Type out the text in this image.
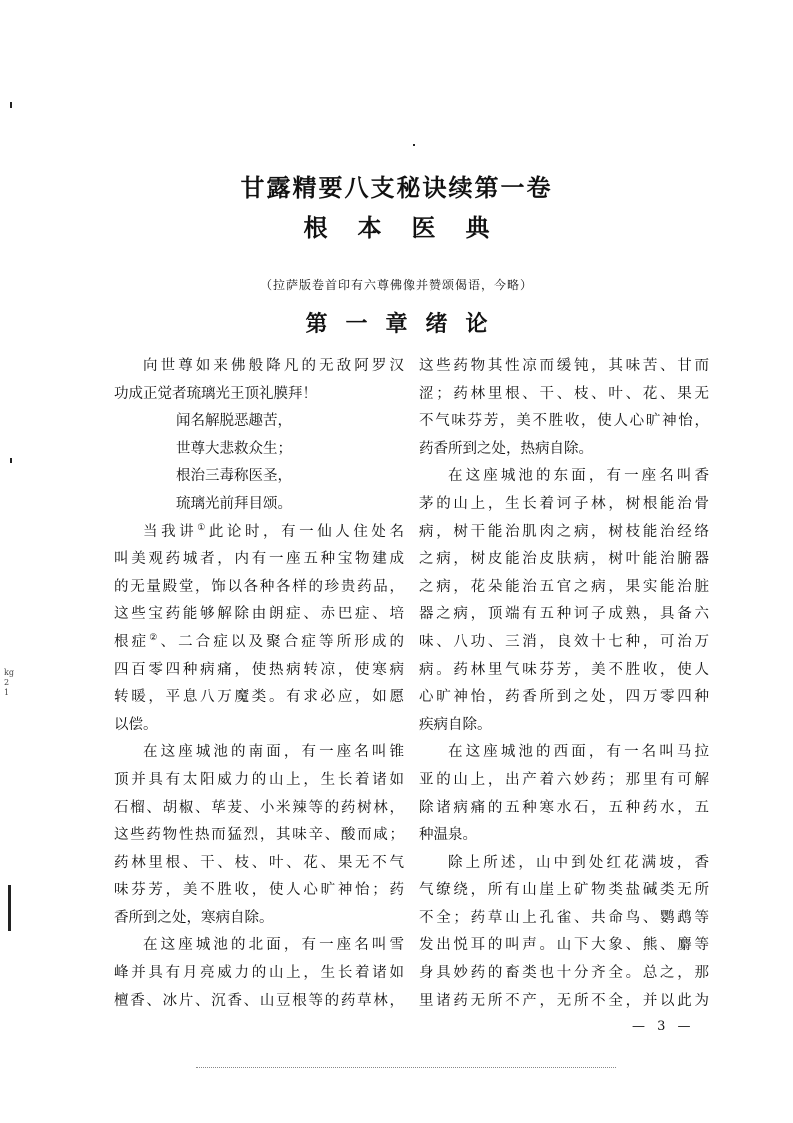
kg21
甘露精要八支秘诀续第一卷
根本医典
（拉萨版卷首印有六尊佛像并赞颂偈语，今略）
第一章绪论
向世尊如来佛般降凡的无敌阿罗汉
功成正觉者琉璃光王顶礼膜拜！
闻名解脱恶趣苦，
世尊大悲救众生；
根治三毒称医圣，
琉璃光前拜目颂。
当我讲①此论时，有一仙人住处名
叫美观药城者，内有一座五种宝物建成
的无量殿堂，饰以各种各样的珍贵药品，
这些宝药能够解除由朗症、赤巴症、培
根症②、二合症以及聚合症等所形成的
四百零四种病痛，使热病转凉，使寒病
转暖，平息八万魔类。有求必应，如愿
以偿。
在这座城池的南面，有一座名叫锥
顶并具有太阳威力的山上，生长着诸如
石榴、胡椒、荜茇、小米辣等的药树林，
这些药物性热而猛烈，其味辛、酸而咸；
药林里根、干、枝、叶、花、果无不气
味芬芳，美不胜收，使人心旷神怡；药
香所到之处，寒病自除。
在这座城池的北面，有一座名叫雪
峰并具有月亮威力的山上，生长着诸如
檀香、冰片、沉香、山豆根等的药草林，
这些药物其性凉而缓钝，其味苦、甘而
涩；药林里根、干、枝、叶、花、果无
不气味芬芳，美不胜收，使人心旷神怡，
药香所到之处，热病自除。
在这座城池的东面，有一座名叫香
茅的山上，生长着诃子林，树根能治骨
病，树干能治肌肉之病，树枝能治经络
之病，树皮能治皮肤病，树叶能治腑器
之病，花朵能治五官之病，果实能治脏
器之病，顶端有五种诃子成熟，具备六
味、八功、三消，良效十七种，可治万
病。药林里气味芬芳，美不胜收，使人
心旷神怡，药香所到之处，四万零四种
疾病自除。
在这座城池的西面，有一名叫马拉
亚的山上，出产着六妙药；那里有可解
除诸病痛的五种寒水石，五种药水，五
种温泉。
除上所述，山中到处红花满坡，香
气缭绕，所有山崖上矿物类盐碱类无所
不全；药草山上孔雀、共命鸟、鹦鹉等
发出悦耳的叫声。山下大象、熊、麝等
身具妙药的畜类也十分齐全。总之，那
里诸药无所不产，无所不全，并以此为
— 3 —
